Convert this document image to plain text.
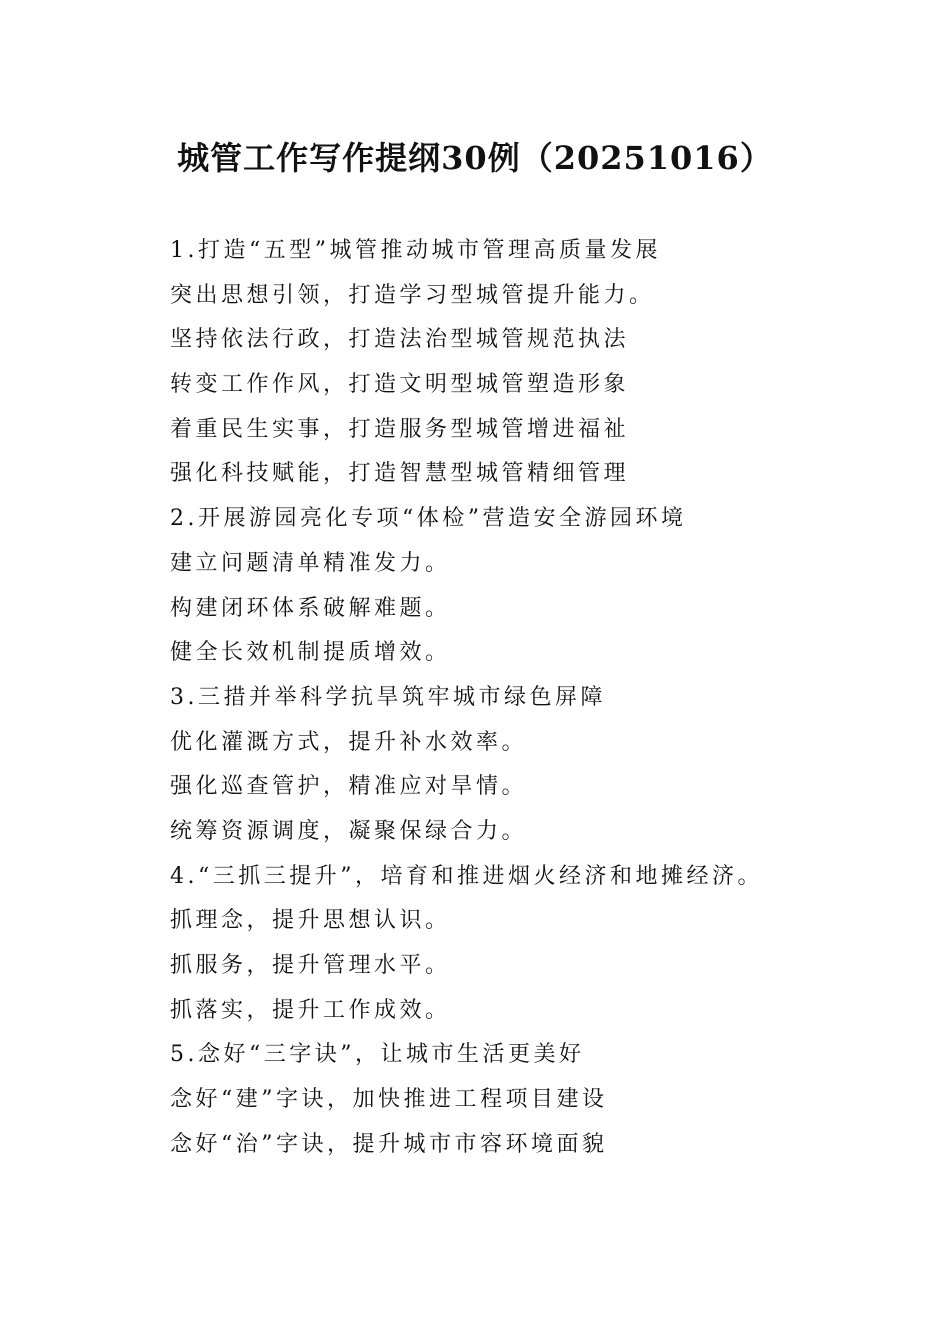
城管工作写作提纲30例（20251016）
1.打造“五型”城管推动城市管理高质量发展
突出思想引领，打造学习型城管提升能力。
坚持依法行政，打造法治型城管规范执法
转变工作作风，打造文明型城管塑造形象
着重民生实事，打造服务型城管增进福祉
强化科技赋能，打造智慧型城管精细管理
2.开展游园亮化专项“体检”营造安全游园环境
建立问题清单精准发力。
构建闭环体系破解难题。
健全长效机制提质增效。
3.三措并举科学抗旱筑牢城市绿色屏障
优化灌溉方式，提升补水效率。
强化巡查管护，精准应对旱情。
统筹资源调度，凝聚保绿合力。
4.“三抓三提升”，培育和推进烟火经济和地摊经济。
抓理念，提升思想认识。
抓服务，提升管理水平。
抓落实，提升工作成效。
5.念好“三字诀”，让城市生活更美好
念好“建”字诀，加快推进工程项目建设
念好“治”字诀，提升城市市容环境面貌
